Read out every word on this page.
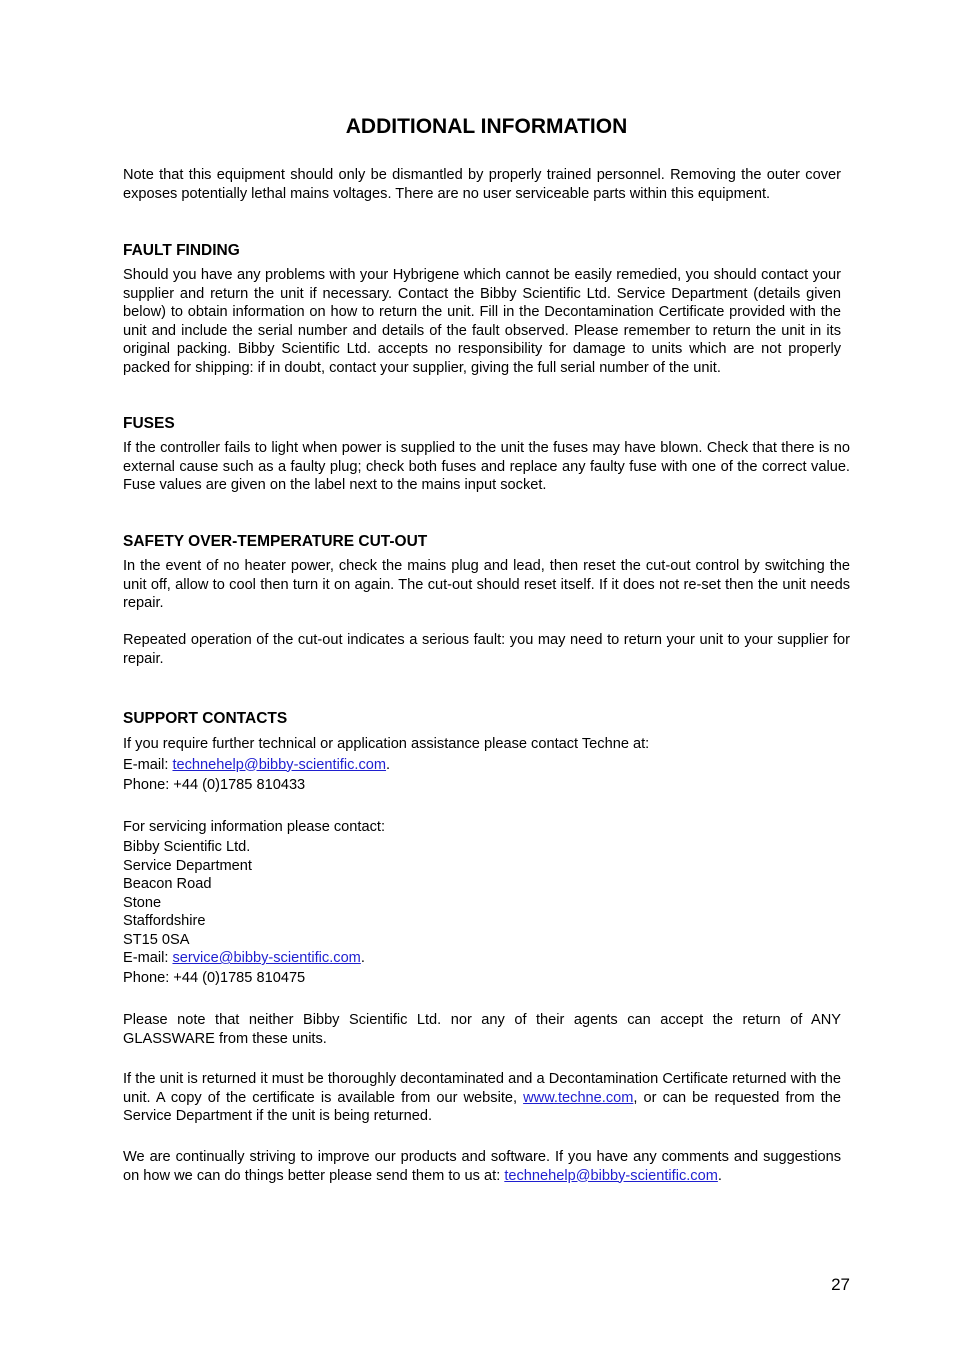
ADDITIONAL INFORMATION

Note that this equipment should only be dismantled by properly trained personnel. Removing the outer cover exposes potentially lethal mains voltages. There are no user serviceable parts within this equipment.

FAULT FINDING

Should you have any problems with your Hybrigene which cannot be easily remedied, you should contact your supplier and return the unit if necessary. Contact the Bibby Scientific Ltd. Service Department (details given below) to obtain information on how to return the unit. Fill in the Decontamination Certificate provided with the unit and include the serial number and details of the fault observed. Please remember to return the unit in its original packing. Bibby Scientific Ltd. accepts no responsibility for damage to units which are not properly packed for shipping: if in doubt, contact your supplier, giving the full serial number of the unit.

FUSES

If the controller fails to light when power is supplied to the unit the fuses may have blown. Check that there is no external cause such as a faulty plug; check both fuses and replace any faulty fuse with one of the correct value. Fuse values are given on the label next to the mains input socket.

SAFETY OVER-TEMPERATURE CUT-OUT

In the event of no heater power, check the mains plug and lead, then reset the cut-out control by switching the unit off, allow to cool then turn it on again. The cut-out should reset itself. If it does not re-set then the unit needs repair.

Repeated operation of the cut-out indicates a serious fault: you may need to return your unit to your supplier for repair.

SUPPORT CONTACTS
If you require further technical or application assistance please contact Techne at:
E-mail: technehelp@bibby-scientific.com.
Phone: +44 (0)1785 810433
For servicing information please contact:
Bibby Scientific Ltd.
Service Department
Beacon Road
Stone
Staffordshire
ST15 0SA
E-mail: service@bibby-scientific.com.
Phone: +44 (0)1785 810475

Please note that neither Bibby Scientific Ltd. nor any of their agents can accept the return of ANY GLASSWARE from these units.

If the unit is returned it must be thoroughly decontaminated and a Decontamination Certificate returned with the unit. A copy of the certificate is available from our website, www.techne.com, or can be requested from the Service Department if the unit is being returned.

We are continually striving to improve our products and software. If you have any comments and suggestions on how we can do things better please send them to us at: technehelp@bibby-scientific.com.

27
